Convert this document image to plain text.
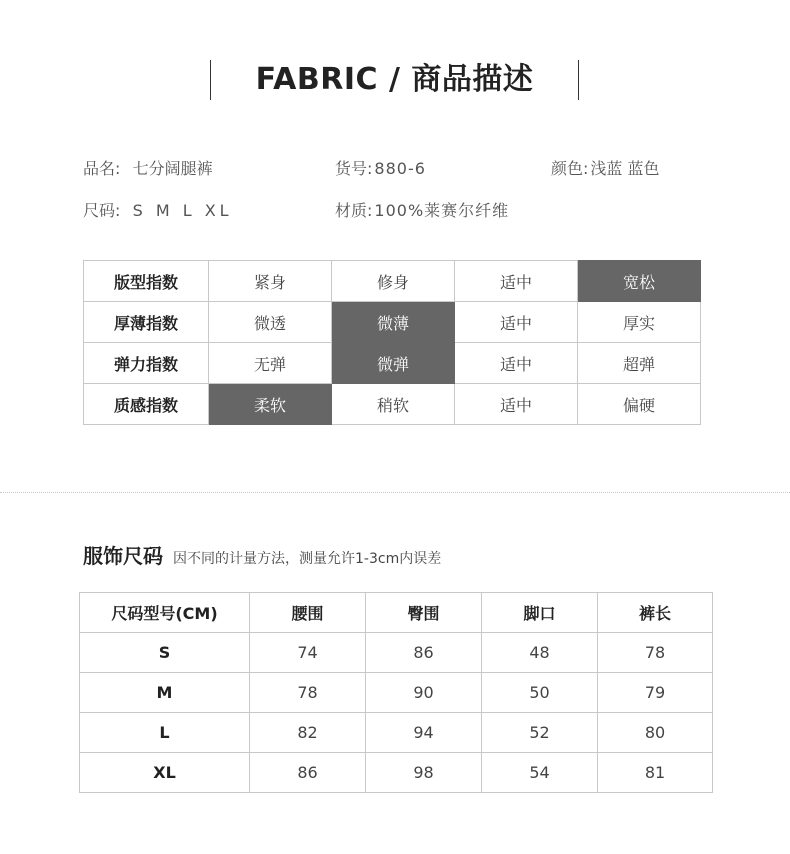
FABRIC / 商品描述
品名: 七分阔腿裤	货号: 880-6	颜色: 浅蓝 蓝色
尺码: S M L XL	材质: 100%莱赛尔纤维
版型指数	紧身	修身	适中	宽松
厚薄指数	微透	微薄	适中	厚实
弹力指数	无弹	微弹	适中	超弹
质感指数	柔软	稍软	适中	偏硬
服饰尺码 因不同的计量方法，测量允许1-3cm内误差
尺码型号(CM)	腰围	臀围	脚口	裤长
S	74	86	48	78
M	78	90	50	79
L	82	94	52	80
XL	86	98	54	81
